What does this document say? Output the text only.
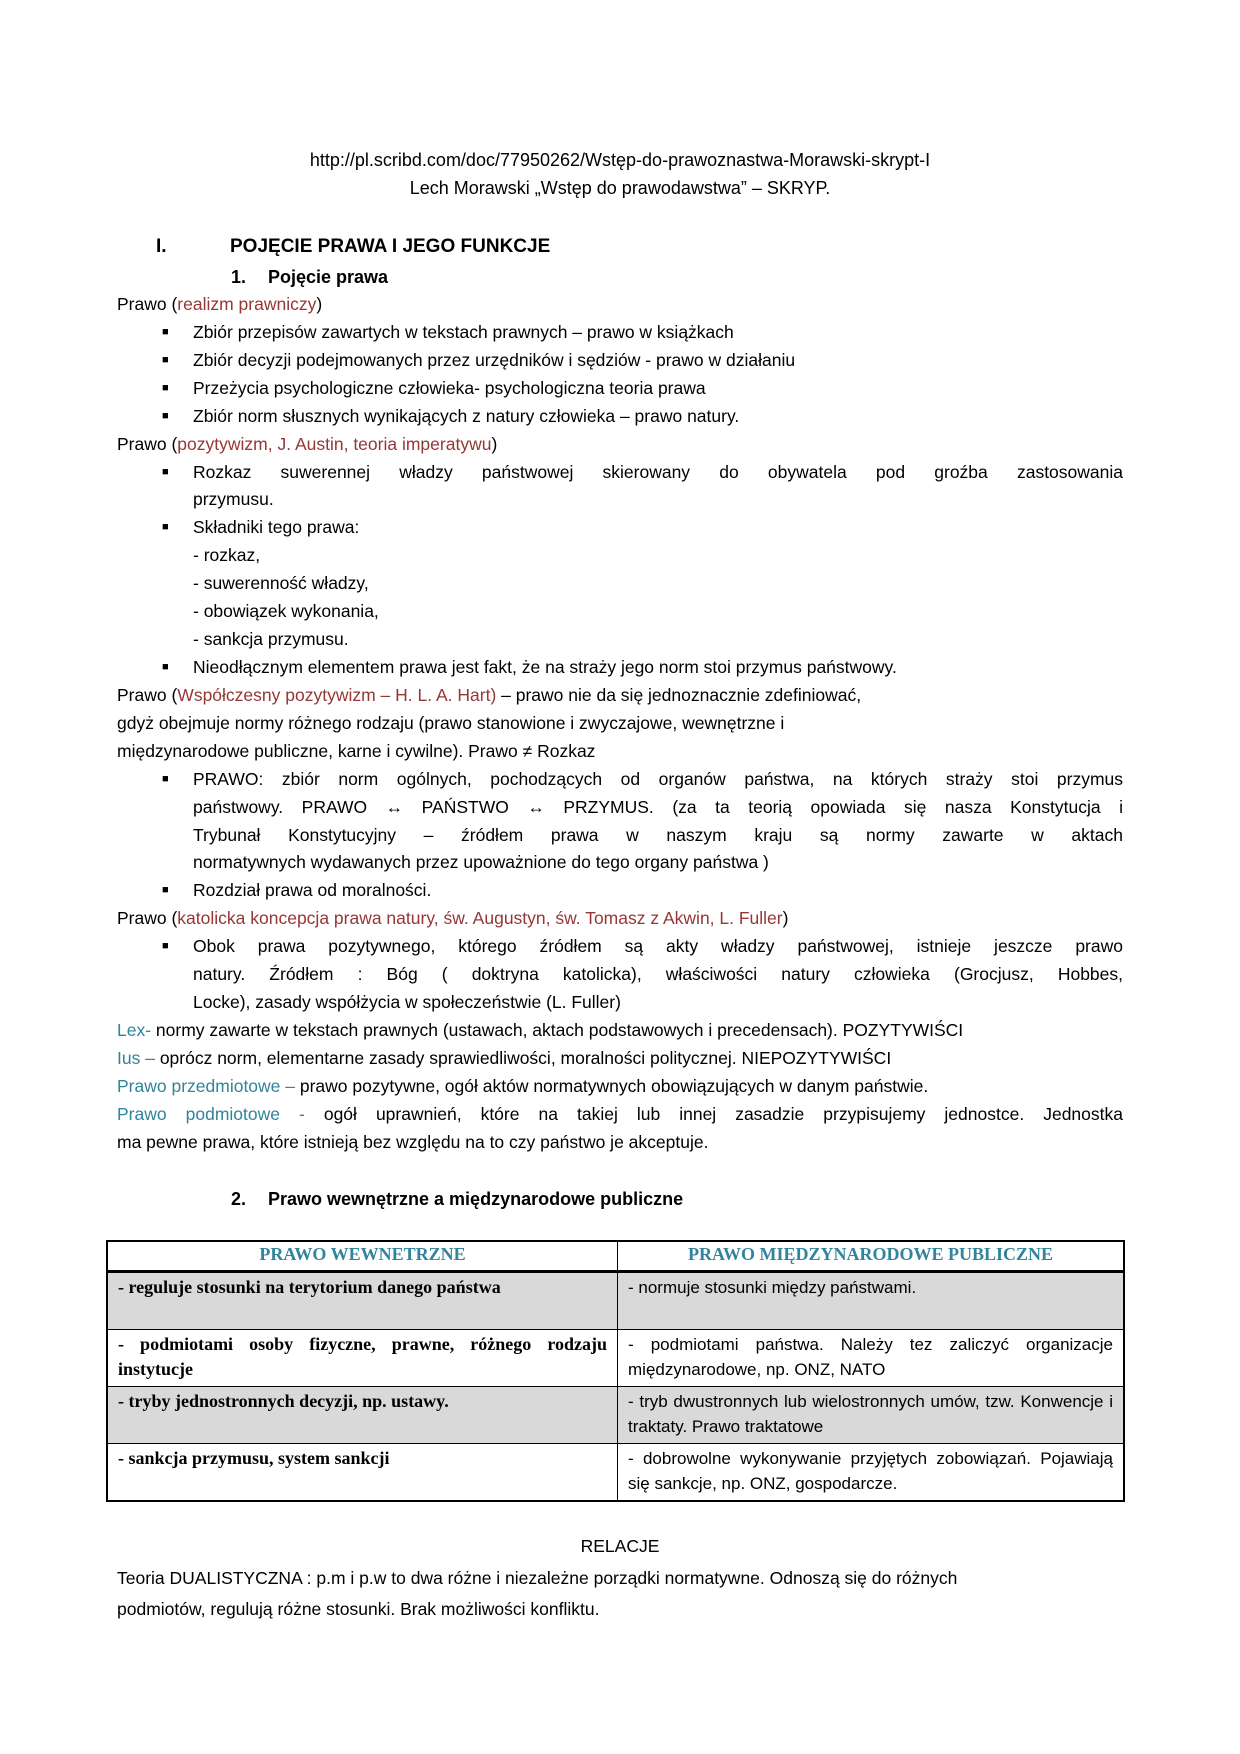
http://pl.scribd.com/doc/77950262/Wstęp-do-prawoznastwa-Morawski-skrypt-I
Lech Morawski „Wstęp do prawodawstwa” – SKRYP.
I.	POJĘCIE PRAWA I JEGO FUNKCJE
1. Pojęcie prawa
Prawo (realizm prawniczy)
■ Zbiór przepisów zawartych w tekstach prawnych – prawo w książkach
■ Zbiór decyzji podejmowanych przez urzędników i sędziów - prawo w działaniu
■ Przeżycia psychologiczne człowieka- psychologiczna teoria prawa
■ Zbiór norm słusznych wynikających z natury człowieka – prawo natury.
Prawo (pozytywizm, J. Austin, teoria imperatywu)
■ Rozkaz suwerennej władzy państwowej skierowany do obywatela pod groźba zastosowania
przymusu.
■ Składniki tego prawa:
- rozkaz,
- suwerenność władzy,
- obowiązek wykonania,
- sankcja przymusu.
■ Nieodłącznym elementem prawa jest fakt, że na straży jego norm stoi przymus państwowy.
Prawo (Współczesny pozytywizm – H. L. A. Hart) – prawo nie da się jednoznacznie zdefiniować,
gdyż obejmuje normy różnego rodzaju (prawo stanowione i zwyczajowe, wewnętrzne i
międzynarodowe publiczne, karne i cywilne). Prawo ≠ Rozkaz
■ PRAWO: zbiór norm ogólnych, pochodzących od organów państwa, na których straży stoi przymus
państwowy. PRAWO ↔ PAŃSTWO ↔ PRZYMUS. (za ta teorią opowiada się nasza Konstytucja i
Trybunał Konstytucyjny – źródłem prawa w naszym kraju są normy zawarte w aktach
normatywnych wydawanych przez upoważnione do tego organy państwa )
■ Rozdział prawa od moralności.
Prawo (katolicka koncepcja prawa natury, św. Augustyn, św. Tomasz z Akwin, L. Fuller)
■ Obok prawa pozytywnego, którego źródłem są akty władzy państwowej, istnieje jeszcze prawo
natury. Źródłem : Bóg ( doktryna katolicka), właściwości natury człowieka (Grocjusz, Hobbes,
Locke), zasady współżycia w społeczeństwie (L. Fuller)
Lex- normy zawarte w tekstach prawnych (ustawach, aktach podstawowych i precedensach). POZYTYWIŚCI
Ius – oprócz norm, elementarne zasady sprawiedliwości, moralności politycznej. NIEPOZYTYWIŚCI
Prawo przedmiotowe – prawo pozytywne, ogół aktów normatywnych obowiązujących w danym państwie.
Prawo podmiotowe - ogół uprawnień, które na takiej lub innej zasadzie przypisujemy jednostce. Jednostka
ma pewne prawa, które istnieją bez względu na to czy państwo je akceptuje.
2. Prawo wewnętrzne a międzynarodowe publiczne
PRAWO WEWNETRZNE	PRAWO MIĘDZYNARODOWE PUBLICZNE
- reguluje stosunki na terytorium danego państwa	- normuje stosunki między państwami.
- podmiotami osoby fizyczne, prawne, różnego rodzaju instytucje	- podmiotami państwa. Należy tez zaliczyć organizacje międzynarodowe, np. ONZ, NATO
- tryby jednostronnych decyzji, np. ustawy.	- tryb dwustronnych lub wielostronnych umów, tzw. Konwencje i traktaty. Prawo traktatowe
- sankcja przymusu, system sankcji	- dobrowolne wykonywanie przyjętych zobowiązań. Pojawiają się sankcje, np. ONZ, gospodarcze.
RELACJE
Teoria DUALISTYCZNA : p.m i p.w to dwa różne i niezależne porządki normatywne. Odnoszą się do różnych
podmiotów, regulują różne stosunki. Brak możliwości konfliktu.
